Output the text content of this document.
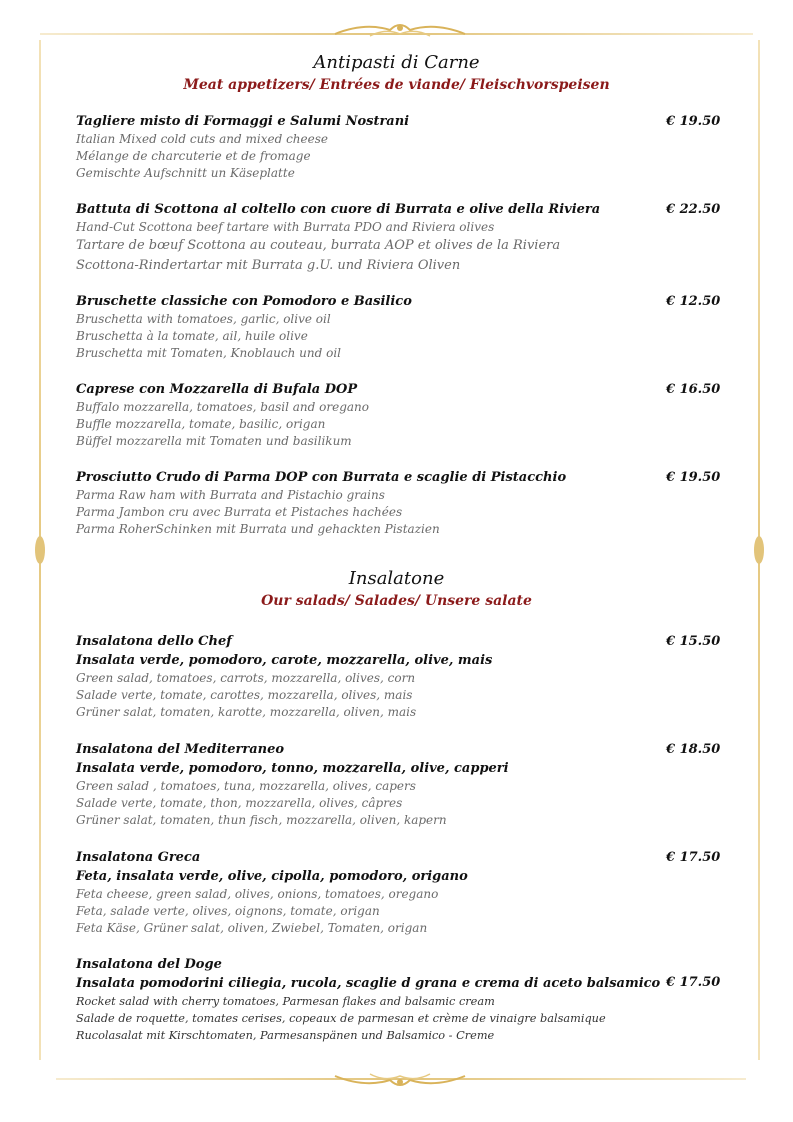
Antipasti di Carne
Meat appetizers/ Entrées de viande/ Fleischvorspeisen
Tagliere misto di Formaggi e Salumi Nostrani
Italian Mixed cold cuts and mixed cheese
Mélange de charcuterie et de fromage
Gemischte Aufschnitt un Käseplatte
€ 19.50
Battuta di Scottona al coltello con cuore di Burrata e olive della Riviera
Hand-Cut Scottona beef tartare with Burrata PDO and Riviera olives
Tartare de bœuf Scottona au couteau, burrata AOP et olives de la Riviera
Scottona-Rindertartar mit Burrata g.U. und Riviera Oliven
€ 22.50
Bruschette classiche con Pomodoro e Basilico
Bruschetta with tomatoes, garlic, olive oil
Bruschetta à la tomate, ail, huile olive
Bruschetta mit Tomaten, Knoblauch und oil
€ 12.50
Caprese con Mozzarella di Bufala DOP
Buffalo mozzarella, tomatoes, basil and oregano
Buffle mozzarella, tomate, basilic, origan
Büffel mozzarella mit Tomaten und basilikum
€ 16.50
Prosciutto Crudo di Parma DOP con Burrata e scaglie di Pistacchio
Parma Raw ham with Burrata and Pistachio grains
Parma Jambon cru avec Burrata et Pistaches hachées
Parma RoherSchinken mit Burrata und gehackten Pistazien
€ 19.50
Insalatone
Our salads/ Salades/ Unsere salate
Insalatona dello Chef
Insalata verde, pomodoro, carote, mozzarella, olive, mais
Green salad, tomatoes, carrots, mozzarella, olives, corn
Salade verte, tomate, carottes, mozzarella, olives, mais
Grüner salat, tomaten, karotte, mozzarella, oliven, mais
€ 15.50
Insalatona del Mediterraneo
Insalata verde, pomodoro, tonno, mozzarella, olive, capperi
Green salad , tomatoes, tuna, mozzarella, olives, capers
Salade verte, tomate, thon, mozzarella, olives, câpres
Grüner salat, tomaten, thun fisch, mozzarella, oliven, kapern
€ 18.50
Insalatona Greca
Feta, insalata verde, olive, cipolla, pomodoro, origano
Feta cheese, green salad, olives, onions, tomatoes, oregano
Feta, salade verte, olives, oignons, tomate, origan
Feta Käse, Grüner salat, oliven, Zwiebel, Tomaten, origan
€ 17.50
Insalatona del Doge
Insalata pomodorini ciliegia, rucola, scaglie d grana e crema di aceto balsamico
Rocket salad with cherry tomatoes, Parmesan flakes and balsamic cream
Salade de roquette, tomates cerises, copeaux de parmesan et crème de vinaigre balsamique
Rucolasalat mit Kirschtomaten, Parmesanspänen und Balsamico - Creme
€ 17.50
